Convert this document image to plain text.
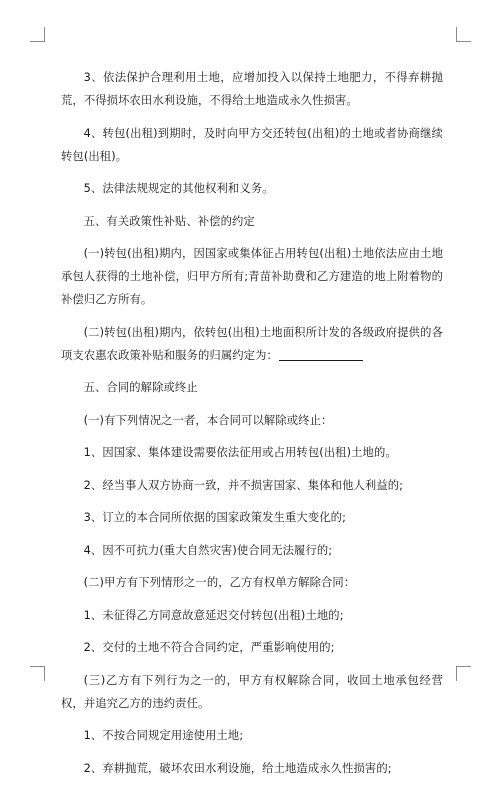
3、依法保护合理利用土地，应增加投入以保持土地肥力，不得弃耕抛荒，不得损坏农田水利设施，不得给土地造成永久性损害。

4、转包(出租)到期时，及时向甲方交还转包(出租)的土地或者协商继续转包(出租)。

5、法律法规规定的其他权利和义务。

五、有关政策性补贴、补偿的约定

(一)转包(出租)期内，因国家或集体征占用转包(出租)土地依法应由土地承包人获得的土地补偿，归甲方所有;青苗补助费和乙方建造的地上附着物的补偿归乙方所有。

(二)转包(出租)期内，依转包(出租)土地面积所计发的各级政府提供的各项支农惠农政策补贴和服务的归属约定为：

五、合同的解除或终止

(一)有下列情况之一者，本合同可以解除或终止：

1、因国家、集体建设需要依法征用或占用转包(出租)土地的。

2、经当事人双方协商一致，并不损害国家、集体和他人利益的;

3、订立的本合同所依据的国家政策发生重大变化的;

4、因不可抗力(重大自然灾害)使合同无法履行的;

(二)甲方有下列情形之一的，乙方有权单方解除合同：

1、未征得乙方同意故意延迟交付转包(出租)土地的;

2、交付的土地不符合合同约定，严重影响使用的;

(三)乙方有下列行为之一的，甲方有权解除合同，收回土地承包经营权，并追究乙方的违约责任。

1、不按合同规定用途使用土地;

2、弃耕抛荒，破坏农田水利设施，给土地造成永久性损害的;
